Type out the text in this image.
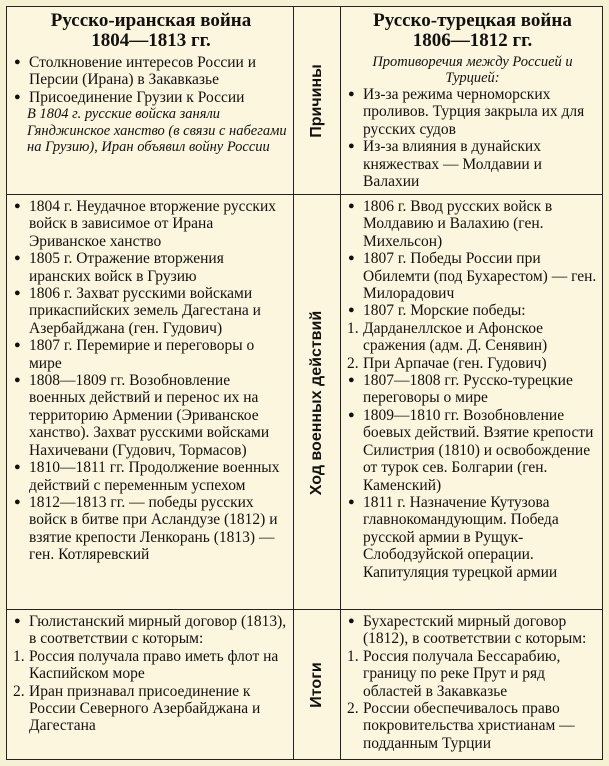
Русско-иранская война
1804—1813 гг.
● Столкновение интересов России и Персии (Ирана) в Закавказье
● Присоединение Грузии к России
В 1804 г. русские войска заняли Гянджинское ханство (в связи с набегами на Грузию), Иран объявил войну России
Причины
Русско-турецкая война
1806—1812 гг.
Противоречия между Россией и Турцией:
● Из-за режима черноморских проливов. Турция закрыла их для русских судов
● Из-за влияния в дунайских княжествах — Молдавии и Валахии
● 1804 г. Неудачное вторжение русских войск в зависимое от Ирана Эриванское ханство
● 1805 г. Отражение вторжения иранских войск в Грузию
● 1806 г. Захват русскими войсками прикаспийских земель Дагестана и Азербайджана (ген. Гудович)
● 1807 г. Перемирие и переговоры о мире
● 1808—1809 гг. Возобновление военных действий и перенос их на территорию Армении (Эриванское ханство). Захват русскими войсками Нахичевани (Гудович, Тормасов)
● 1810—1811 гг. Продолжение военных действий с переменным успехом
● 1812—1813 гг. — победы русских войск в битве при Асландузе (1812) и взятие крепости Ленкорань (1813) — ген. Котляревский
Ход военных действий
● 1806 г. Ввод русских войск в Молдавию и Валахию (ген. Михельсон)
● 1807 г. Победы России при Обилемти (под Бухарестом) — ген. Милорадович
● 1807 г. Морские победы:
1. Дарданеллское и Афонское сражения (адм. Д. Сенявин)
2. При Арпачае (ген. Гудович)
● 1807—1808 гг. Русско-турецкие переговоры о мире
● 1809—1810 гг. Возобновление боевых действий. Взятие крепости Силистрия (1810) и освобождение от турок сев. Болгарии (ген. Каменский)
● 1811 г. Назначение Кутузова главнокомандующим. Победа русской армии в Рущук-Слободзуйской операции. Капитуляция турецкой армии
● Гюлистанский мирный договор (1813), в соответствии с которым:
1. Россия получала право иметь флот на Каспийском море
2. Иран признавал присоединение к России Северного Азербайджана и Дагестана
Итоги
● Бухарестский мирный договор (1812), в соответствии с которым:
1. Россия получала Бессарабию, границу по реке Прут и ряд областей в Закавказье
2. России обеспечивалось право покровительства христианам — подданным Турции
